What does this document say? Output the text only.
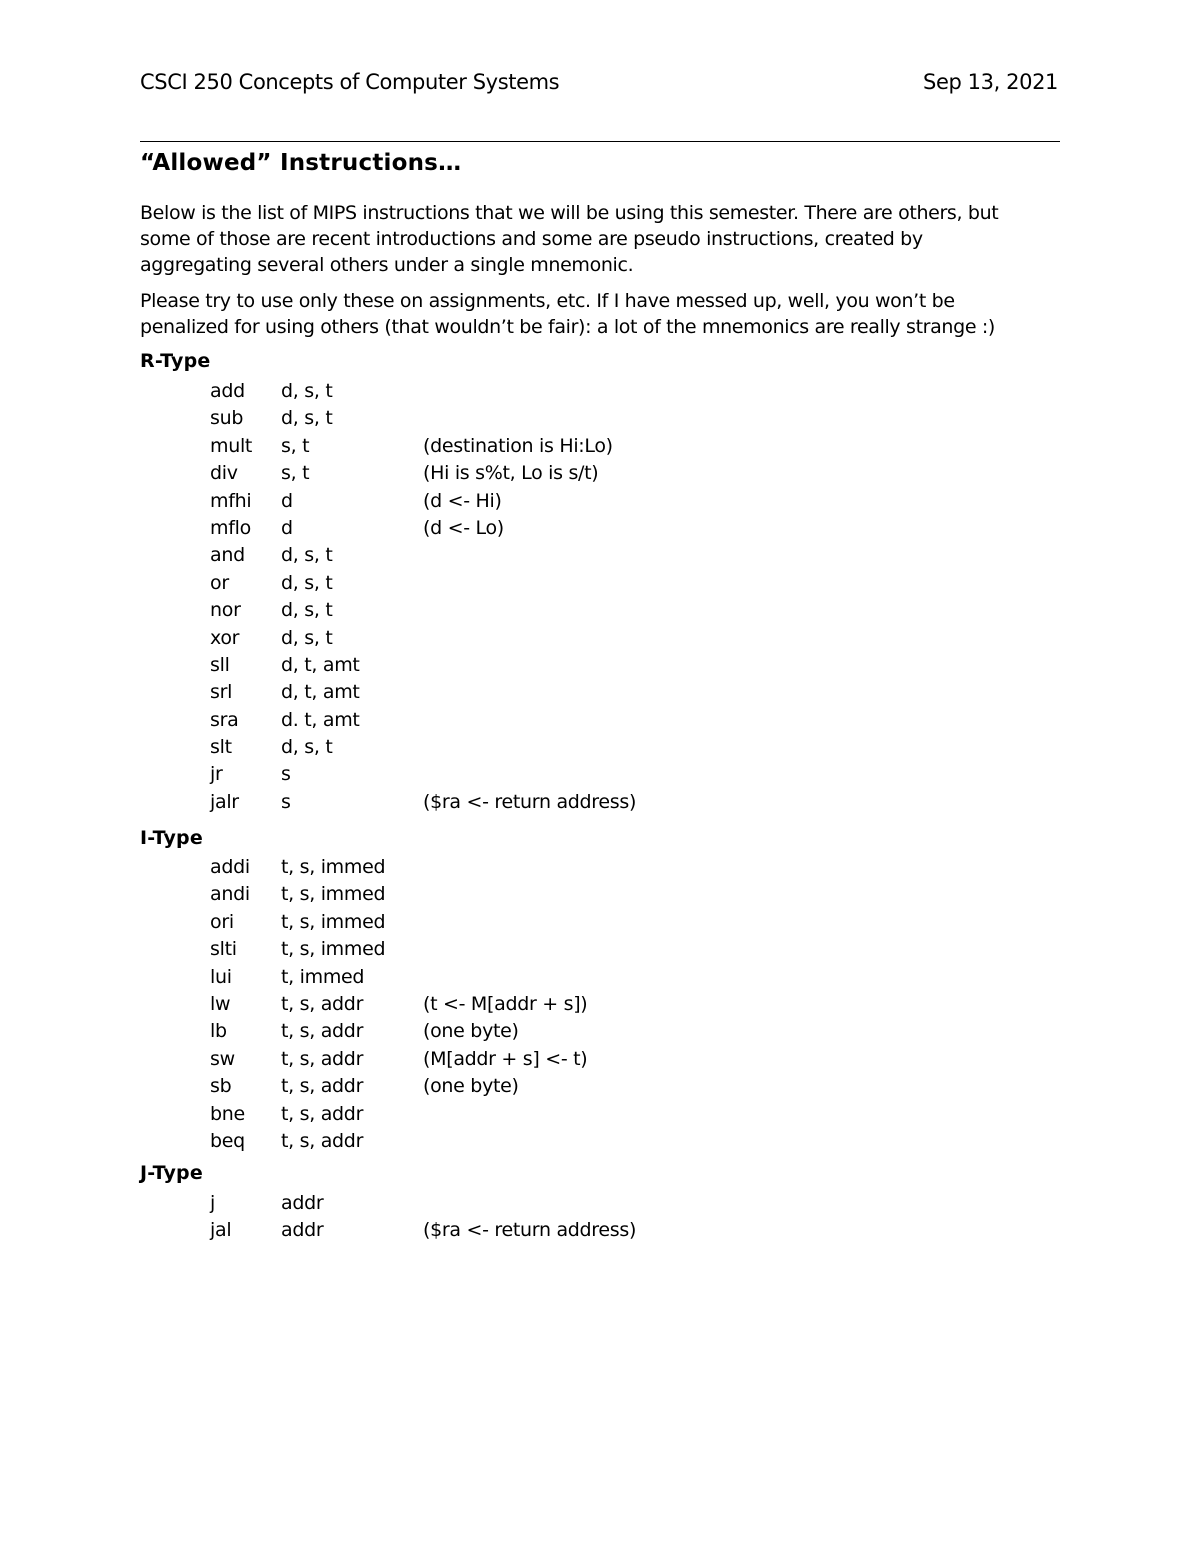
CSCI 250 Concepts of Computer Systems	Sep 13, 2021
“Allowed” Instructions…
Below is the list of MIPS instructions that we will be using this semester. There are others, but
some of those are recent introductions and some are pseudo instructions, created by
aggregating several others under a single mnemonic.
Please try to use only these on assignments, etc. If I have messed up, well, you won’t be
penalized for using others (that wouldn’t be fair): a lot of the mnemonics are really strange :)
R-Type
add d, s, t
sub d, s, t
mult s, t	(destination is Hi:Lo)
div s, t	(Hi is s%t, Lo is s/t)
mfhi d	(d <- Hi)
mflo d	(d <- Lo)
and d, s, t
or	d, s, t
nor d, s, t
xor d, s, t
sll	d, t, amt
srl	d, t, amt
sra d. t, amt
slt	d, s, t
jr	s
jalr s	($ra <- return address)
I-Type
addi t, s, immed
andi t, s, immed
ori t, s, immed
slti t, s, immed
lui	t, immed
lw	t, s, addr	(t <- M[addr + s])
lb	t, s, addr	(one byte)
sw t, s, addr	(M[addr + s] <- t)
sb	t, s, addr	(one byte)
bne t, s, addr
beq t, s, addr
J-Type
j	addr
jal	addr	($ra <- return address)
